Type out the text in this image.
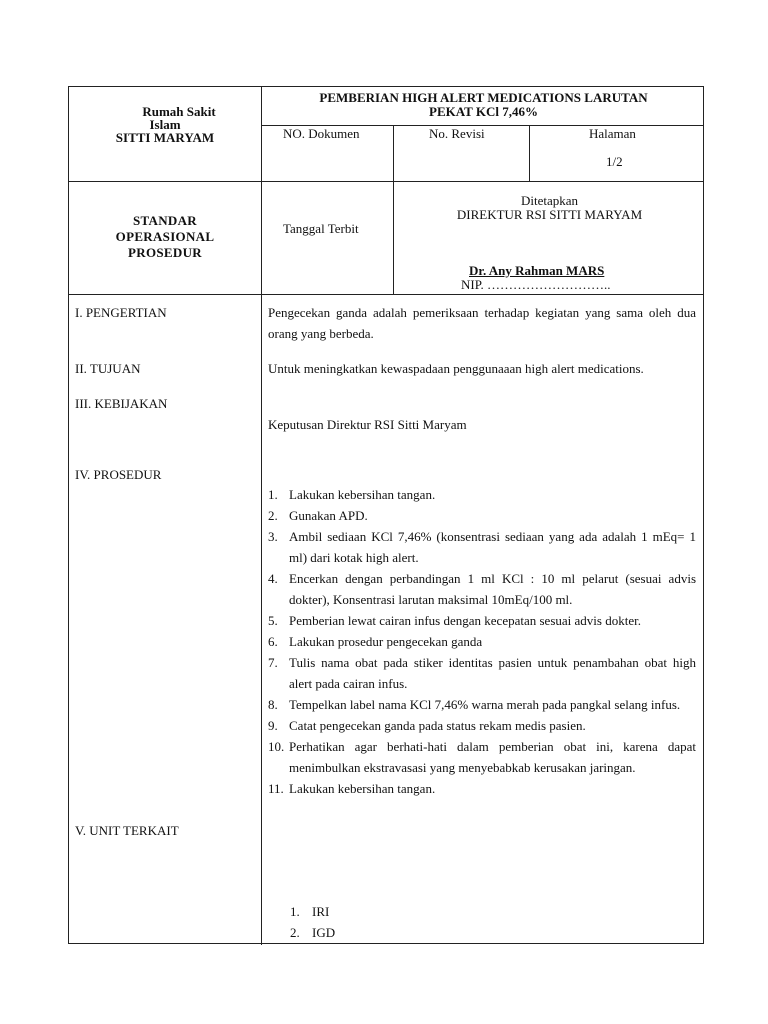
Rumah Sakit
Islam
SITTI MARYAM
PEMBERIAN HIGH ALERT MEDICATIONS LARUTAN
PEKAT KCl 7,46%
NO. Dokumen	No. Revisi	Halaman
1/2
STANDAR
OPERASIONAL
PROSEDUR
Tanggal Terbit
Ditetapkan
DIREKTUR RSI SITTI MARYAM
Dr. Any Rahman MARS
NIP. ………………………..
I. PENGERTIAN
II. TUJUAN
III. KEBIJAKAN
IV. PROSEDUR
V. UNIT TERKAIT
Pengecekan ganda adalah pemeriksaan terhadap kegiatan yang sama oleh dua orang yang berbeda.
Untuk meningkatkan kewaspadaan penggunaaan high alert medications.
Keputusan Direktur RSI Sitti Maryam
1. Lakukan kebersihan tangan.
2. Gunakan APD.
3. Ambil sediaan KCl 7,46% (konsentrasi sediaan yang ada adalah 1 mEq= 1 ml) dari kotak high alert.
4. Encerkan dengan perbandingan 1 ml KCl : 10 ml pelarut (sesuai advis dokter), Konsentrasi larutan maksimal 10mEq/100 ml.
5. Pemberian lewat cairan infus dengan kecepatan sesuai advis dokter.
6. Lakukan prosedur pengecekan ganda
7. Tulis nama obat pada stiker identitas pasien untuk penambahan obat high alert pada cairan infus.
8. Tempelkan label nama KCl 7,46% warna merah pada pangkal selang infus.
9. Catat pengecekan ganda pada status rekam medis pasien.
10. Perhatikan agar berhati-hati dalam pemberian obat ini, karena dapat menimbulkan ekstravasasi yang menyebabkab kerusakan jaringan.
11. Lakukan kebersihan tangan.
1. IRI
2. IGD
